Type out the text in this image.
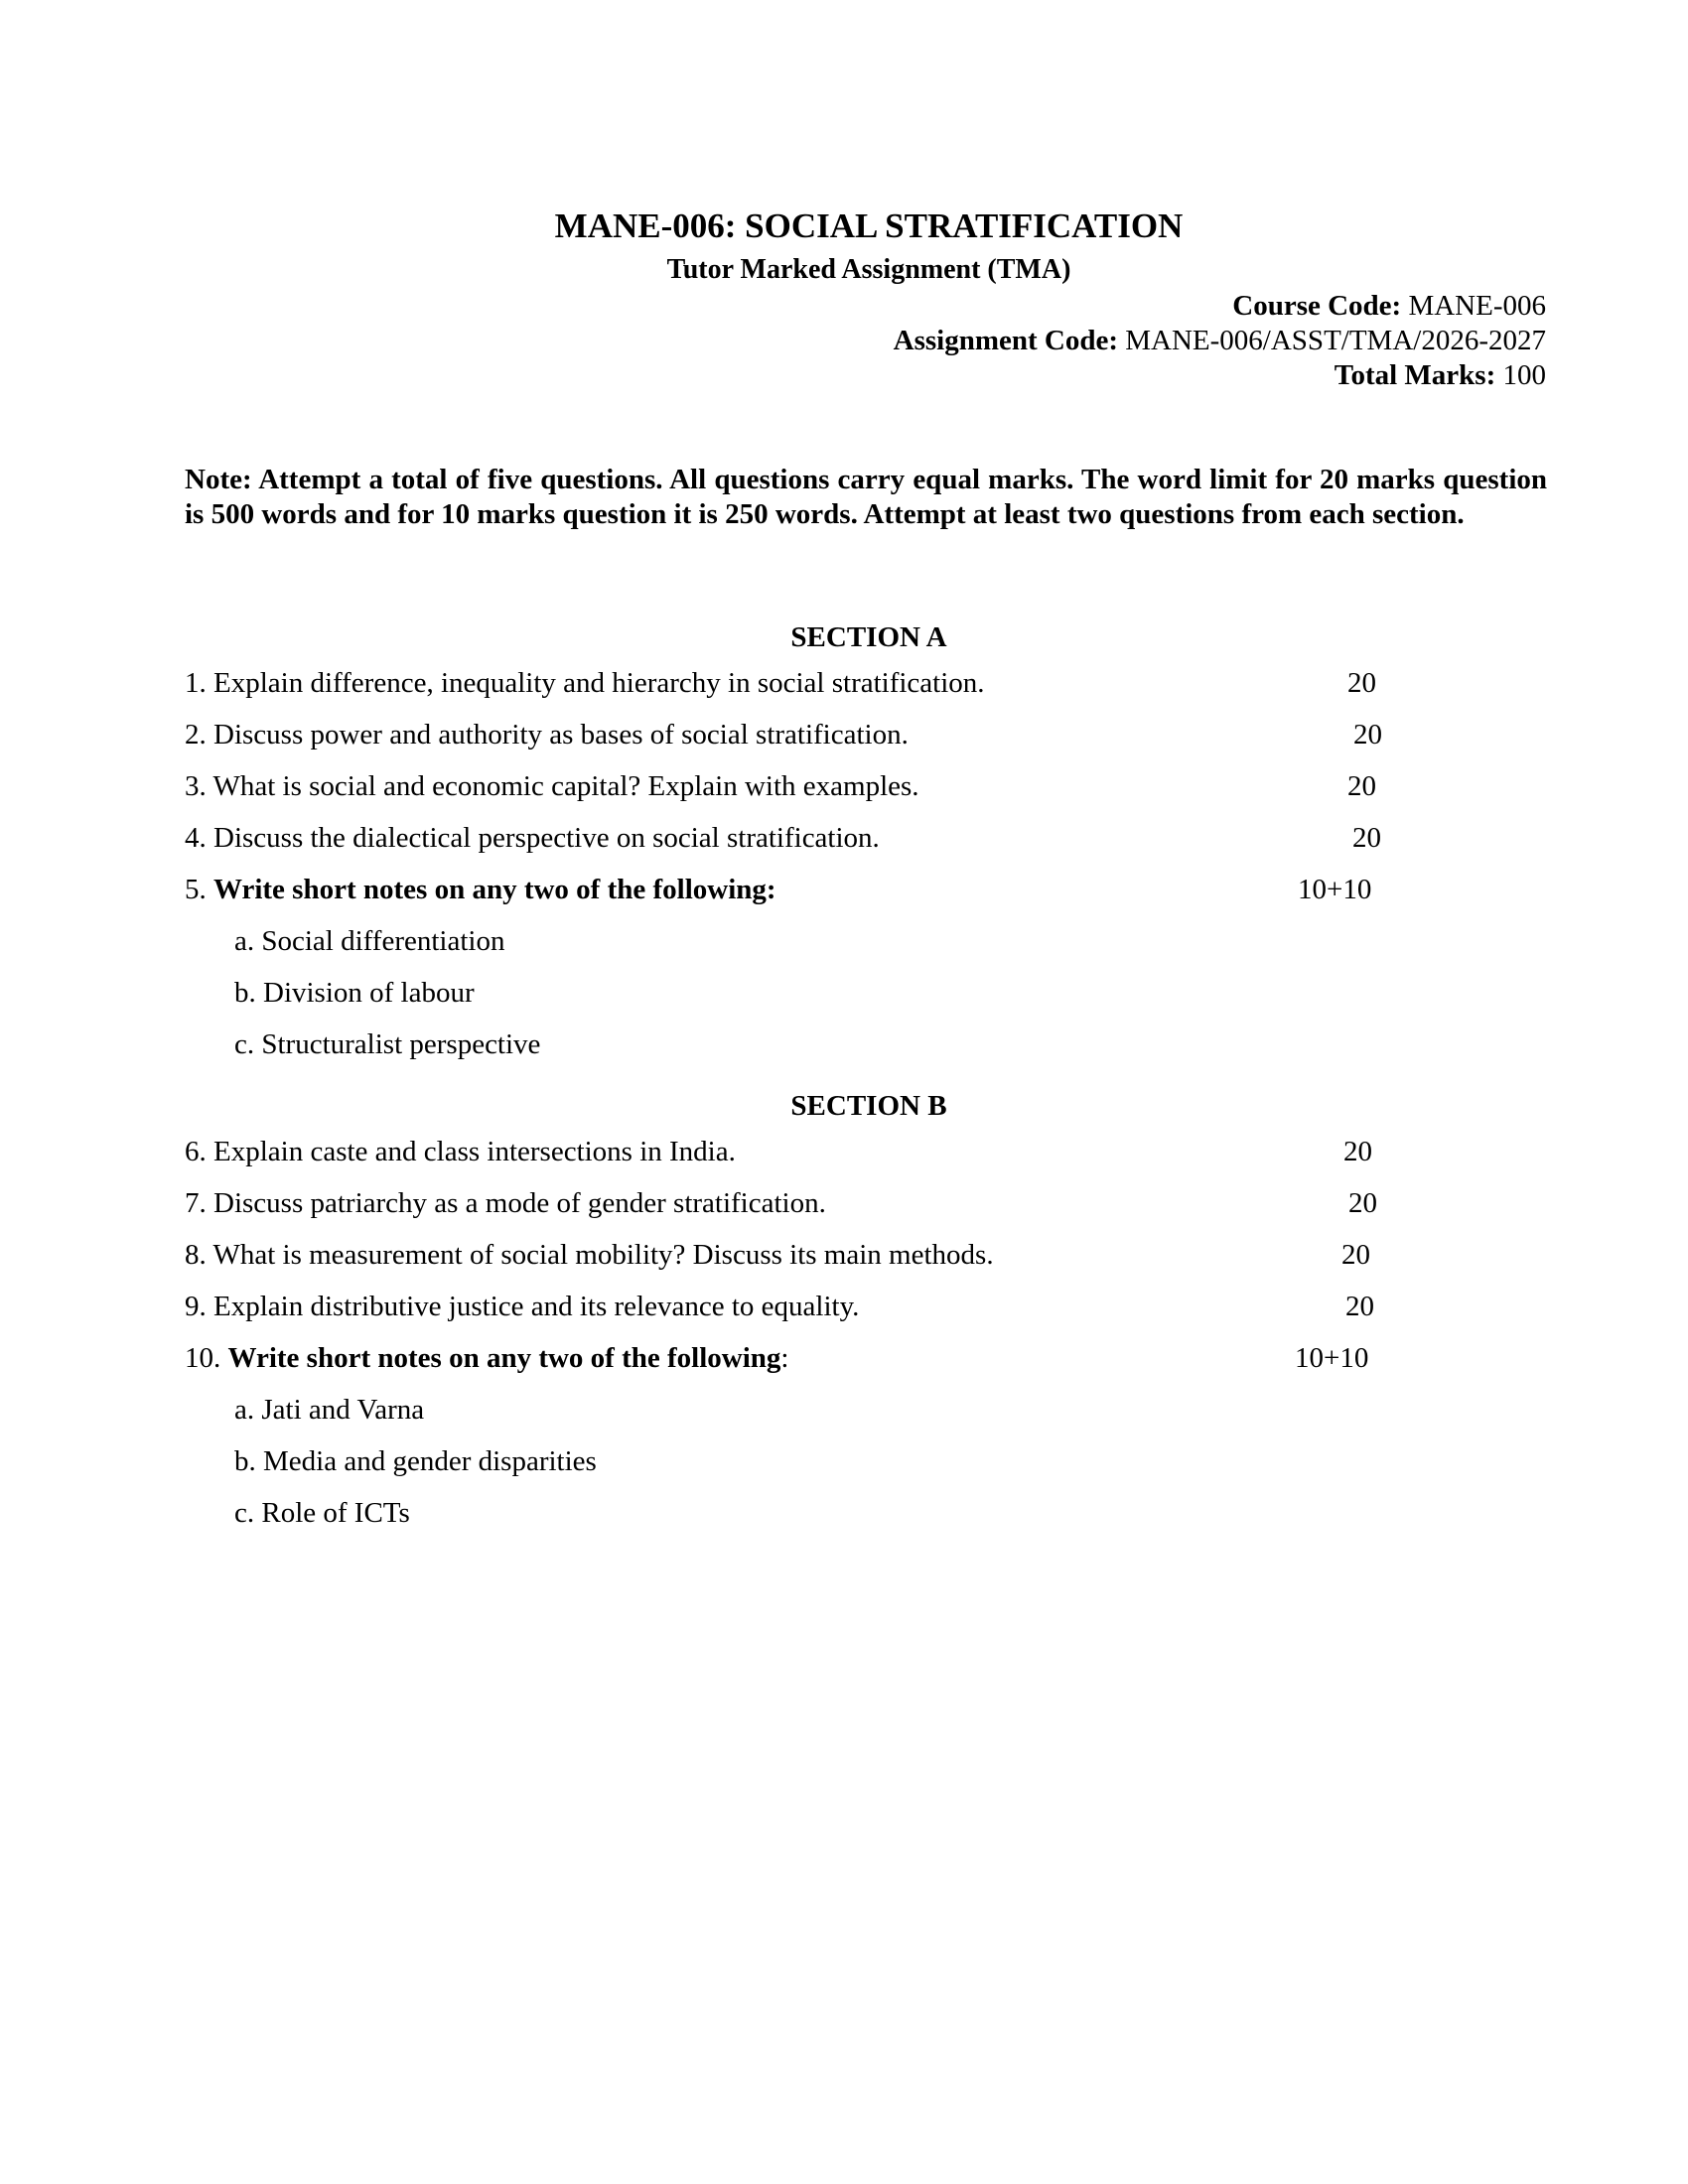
MANE-006: SOCIAL STRATIFICATION
Tutor Marked Assignment (TMA)
Course Code: MANE-006
Assignment Code: MANE-006/ASST/TMA/2026-2027
Total Marks: 100
Note: Attempt a total of five questions. All questions carry equal marks. The word limit for 20 marks question is 500 words and for 10 marks question it is 250 words. Attempt at least two questions from each section.
SECTION A
1. Explain difference, inequality and hierarchy in social stratification.	20
2. Discuss power and authority as bases of social stratification.	20
3. What is social and economic capital? Explain with examples.	20
4. Discuss the dialectical perspective on social stratification.	20
5. Write short notes on any two of the following:	10+10
a. Social differentiation
b. Division of labour
c. Structuralist perspective
SECTION B
6. Explain caste and class intersections in India.	20
7. Discuss patriarchy as a mode of gender stratification.	20
8. What is measurement of social mobility? Discuss its main methods.	20
9. Explain distributive justice and its relevance to equality.	20
10. Write short notes on any two of the following:	10+10
a. Jati and Varna
b. Media and gender disparities
c. Role of ICTs
